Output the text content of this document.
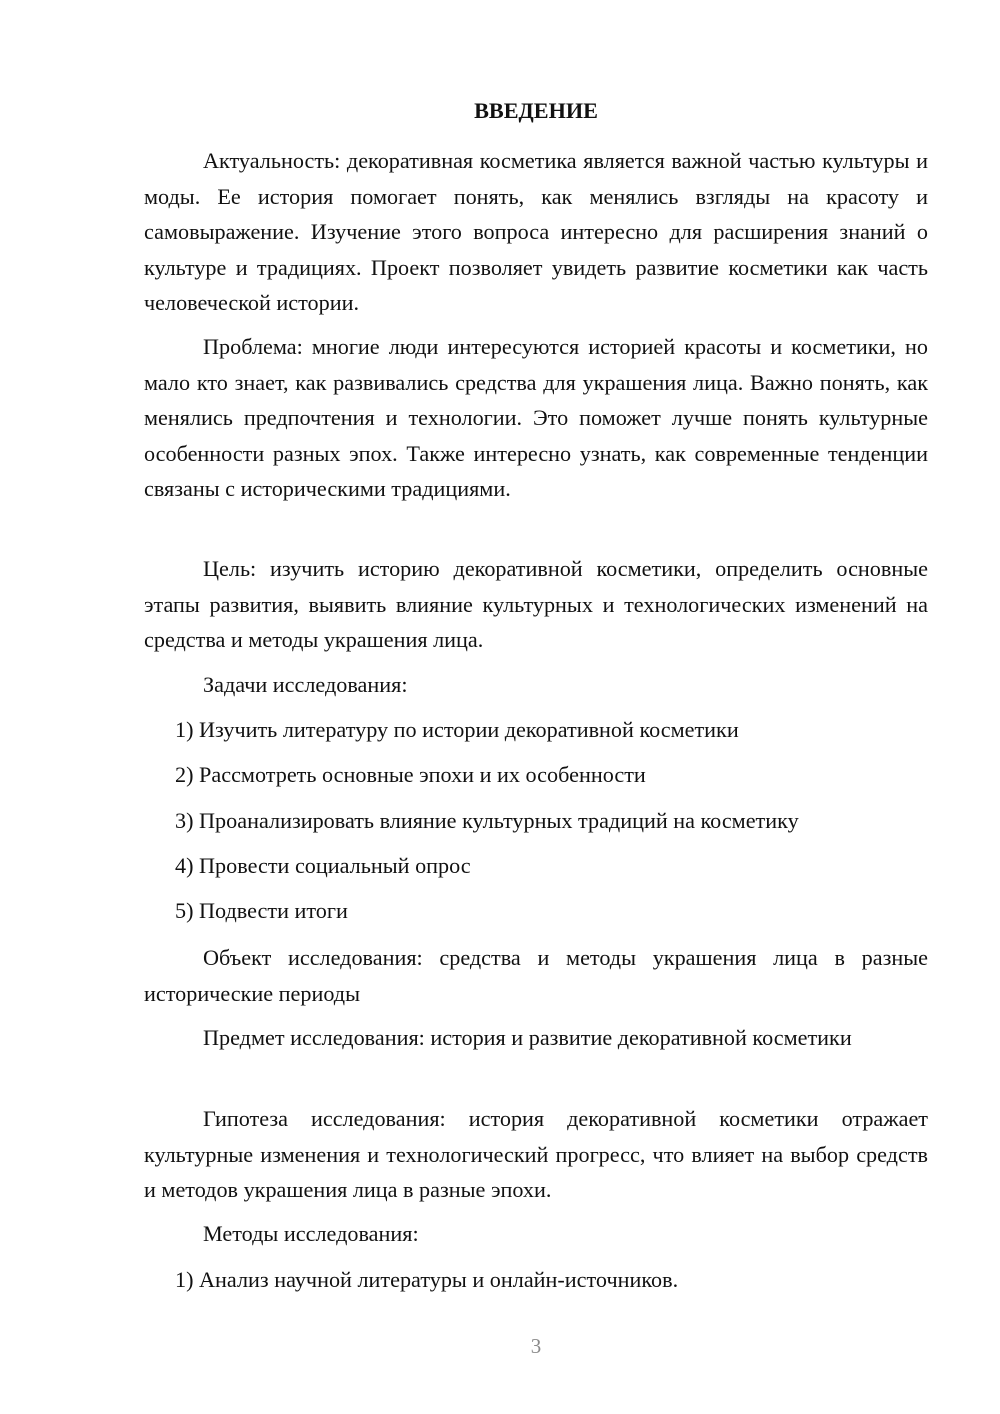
ВВЕДЕНИЕ

Актуальность: декоративная косметика является важной частью культуры и моды. Ее история помогает понять, как менялись взгляды на красоту и самовыражение. Изучение этого вопроса интересно для расширения знаний о культуре и традициях. Проект позволяет увидеть развитие косметики как часть человеческой истории.

Проблема: многие люди интересуются историей красоты и косметики, но мало кто знает, как развивались средства для украшения лица. Важно понять, как менялись предпочтения и технологии. Это поможет лучше понять культурные особенности разных эпох. Также интересно узнать, как современные тенденции связаны с историческими традициями.

Цель: изучить историю декоративной косметики, определить основные этапы развития, выявить влияние культурных и технологических изменений на средства и методы украшения лица.

Задачи исследования:

1) Изучить литературу по истории декоративной косметики

2) Рассмотреть основные эпохи и их особенности

3) Проанализировать влияние культурных традиций на косметику

4) Провести социальный опрос

5) Подвести итоги

Объект исследования: средства и методы украшения лица в разные исторические периоды

Предмет исследования: история и развитие декоративной косметики

Гипотеза исследования: история декоративной косметики отражает культурные изменения и технологический прогресс, что влияет на выбор средств и методов украшения лица в разные эпохи.

Методы исследования:

1) Анализ научной литературы и онлайн-источников.

3
